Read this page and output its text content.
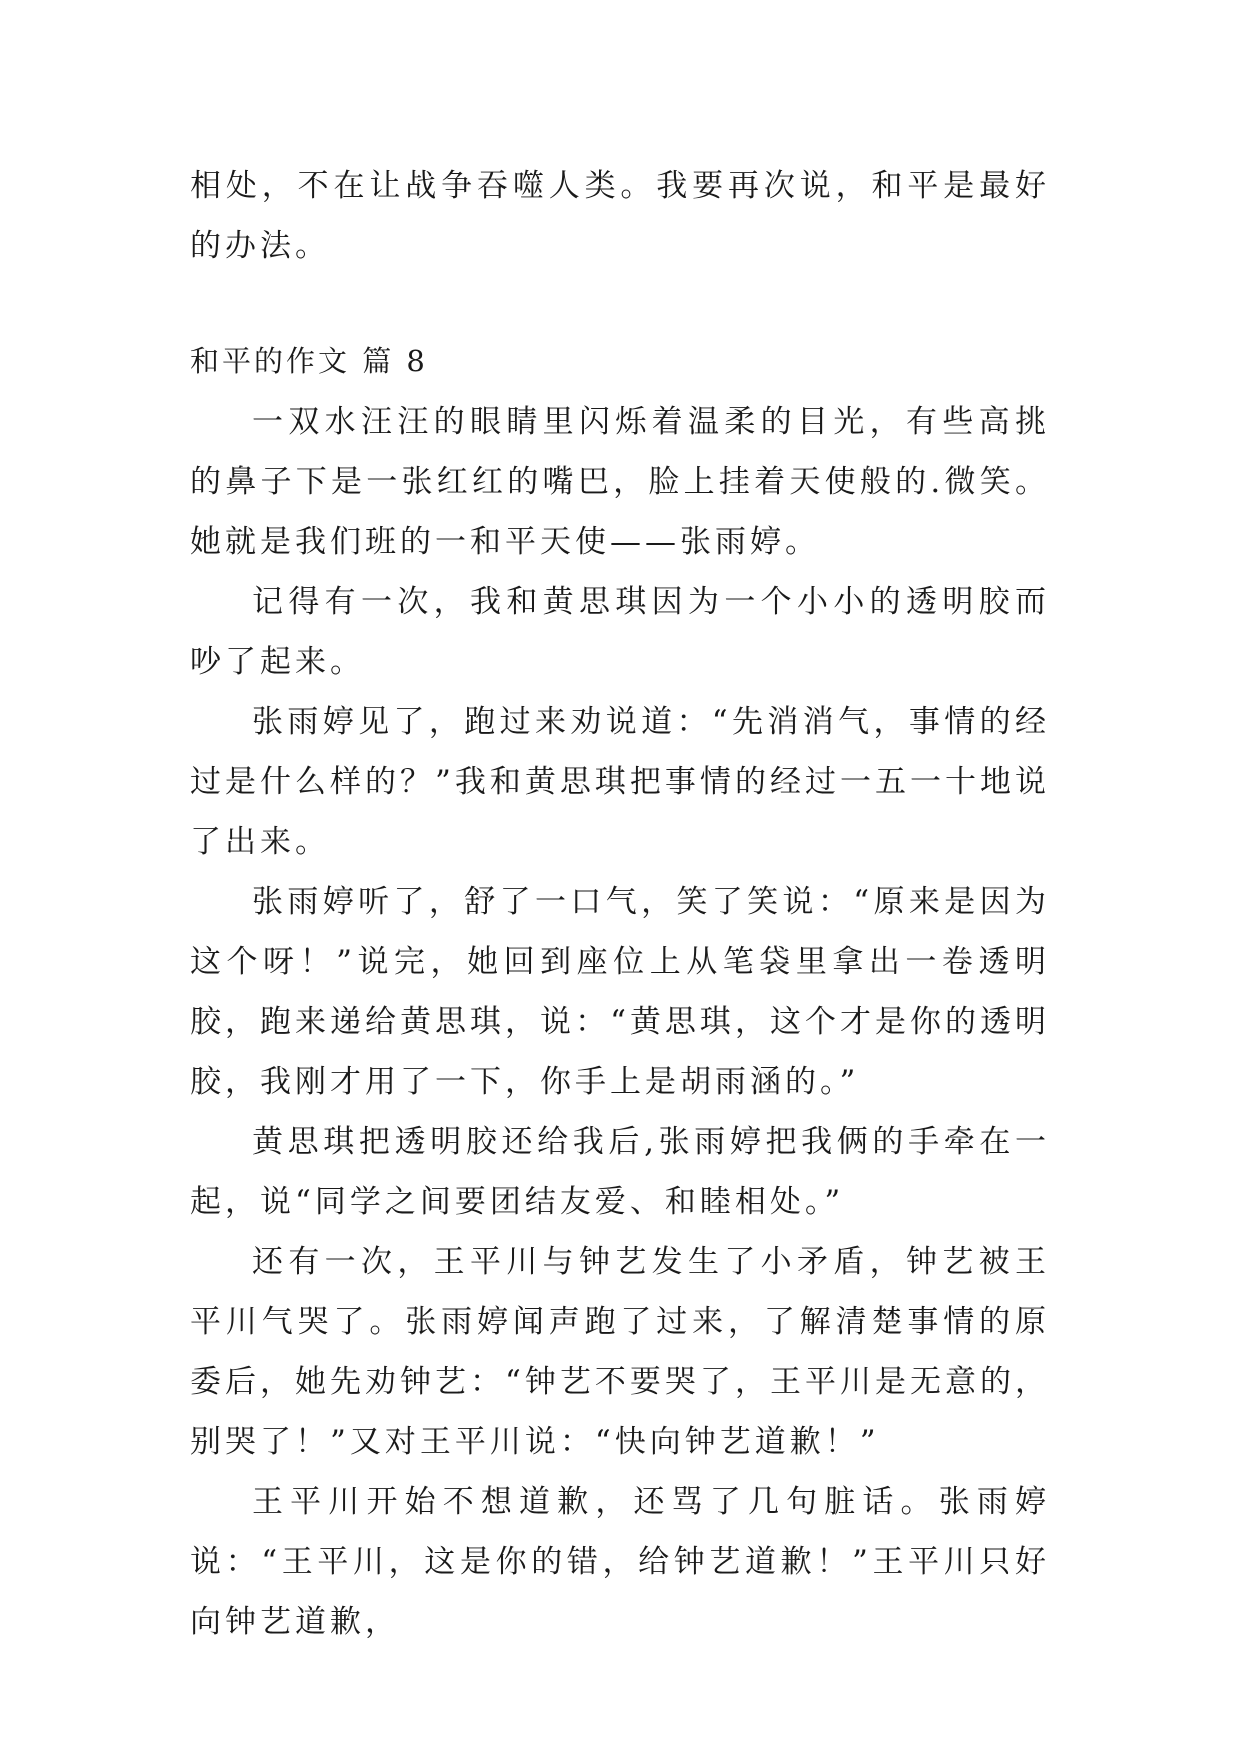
相处，不在让战争吞噬人类。我要再次说，和平是最好的办法。

和平的作文 篇 8

一双水汪汪的眼睛里闪烁着温柔的目光，有些高挑的鼻子下是一张红红的嘴巴，脸上挂着天使般的.微笑。她就是我们班的一和平天使——张雨婷。

记得有一次，我和黄思琪因为一个小小的透明胶而吵了起来。

张雨婷见了，跑过来劝说道：“先消消气，事情的经过是什么样的？”我和黄思琪把事情的经过一五一十地说了出来。

张雨婷听了，舒了一口气，笑了笑说：“原来是因为这个呀！”说完，她回到座位上从笔袋里拿出一卷透明胶，跑来递给黄思琪，说：“黄思琪，这个才是你的透明胶，我刚才用了一下，你手上是胡雨涵的。”

黄思琪把透明胶还给我后,张雨婷把我俩的手牵在一起，说“同学之间要团结友爱、和睦相处。”

还有一次，王平川与钟艺发生了小矛盾，钟艺被王平川气哭了。张雨婷闻声跑了过来，了解清楚事情的原委后，她先劝钟艺：“钟艺不要哭了，王平川是无意的，别哭了！”又对王平川说：“快向钟艺道歉！”

王平川开始不想道歉，还骂了几句脏话。张雨婷说：“王平川，这是你的错，给钟艺道歉！”王平川只好向钟艺道歉，
